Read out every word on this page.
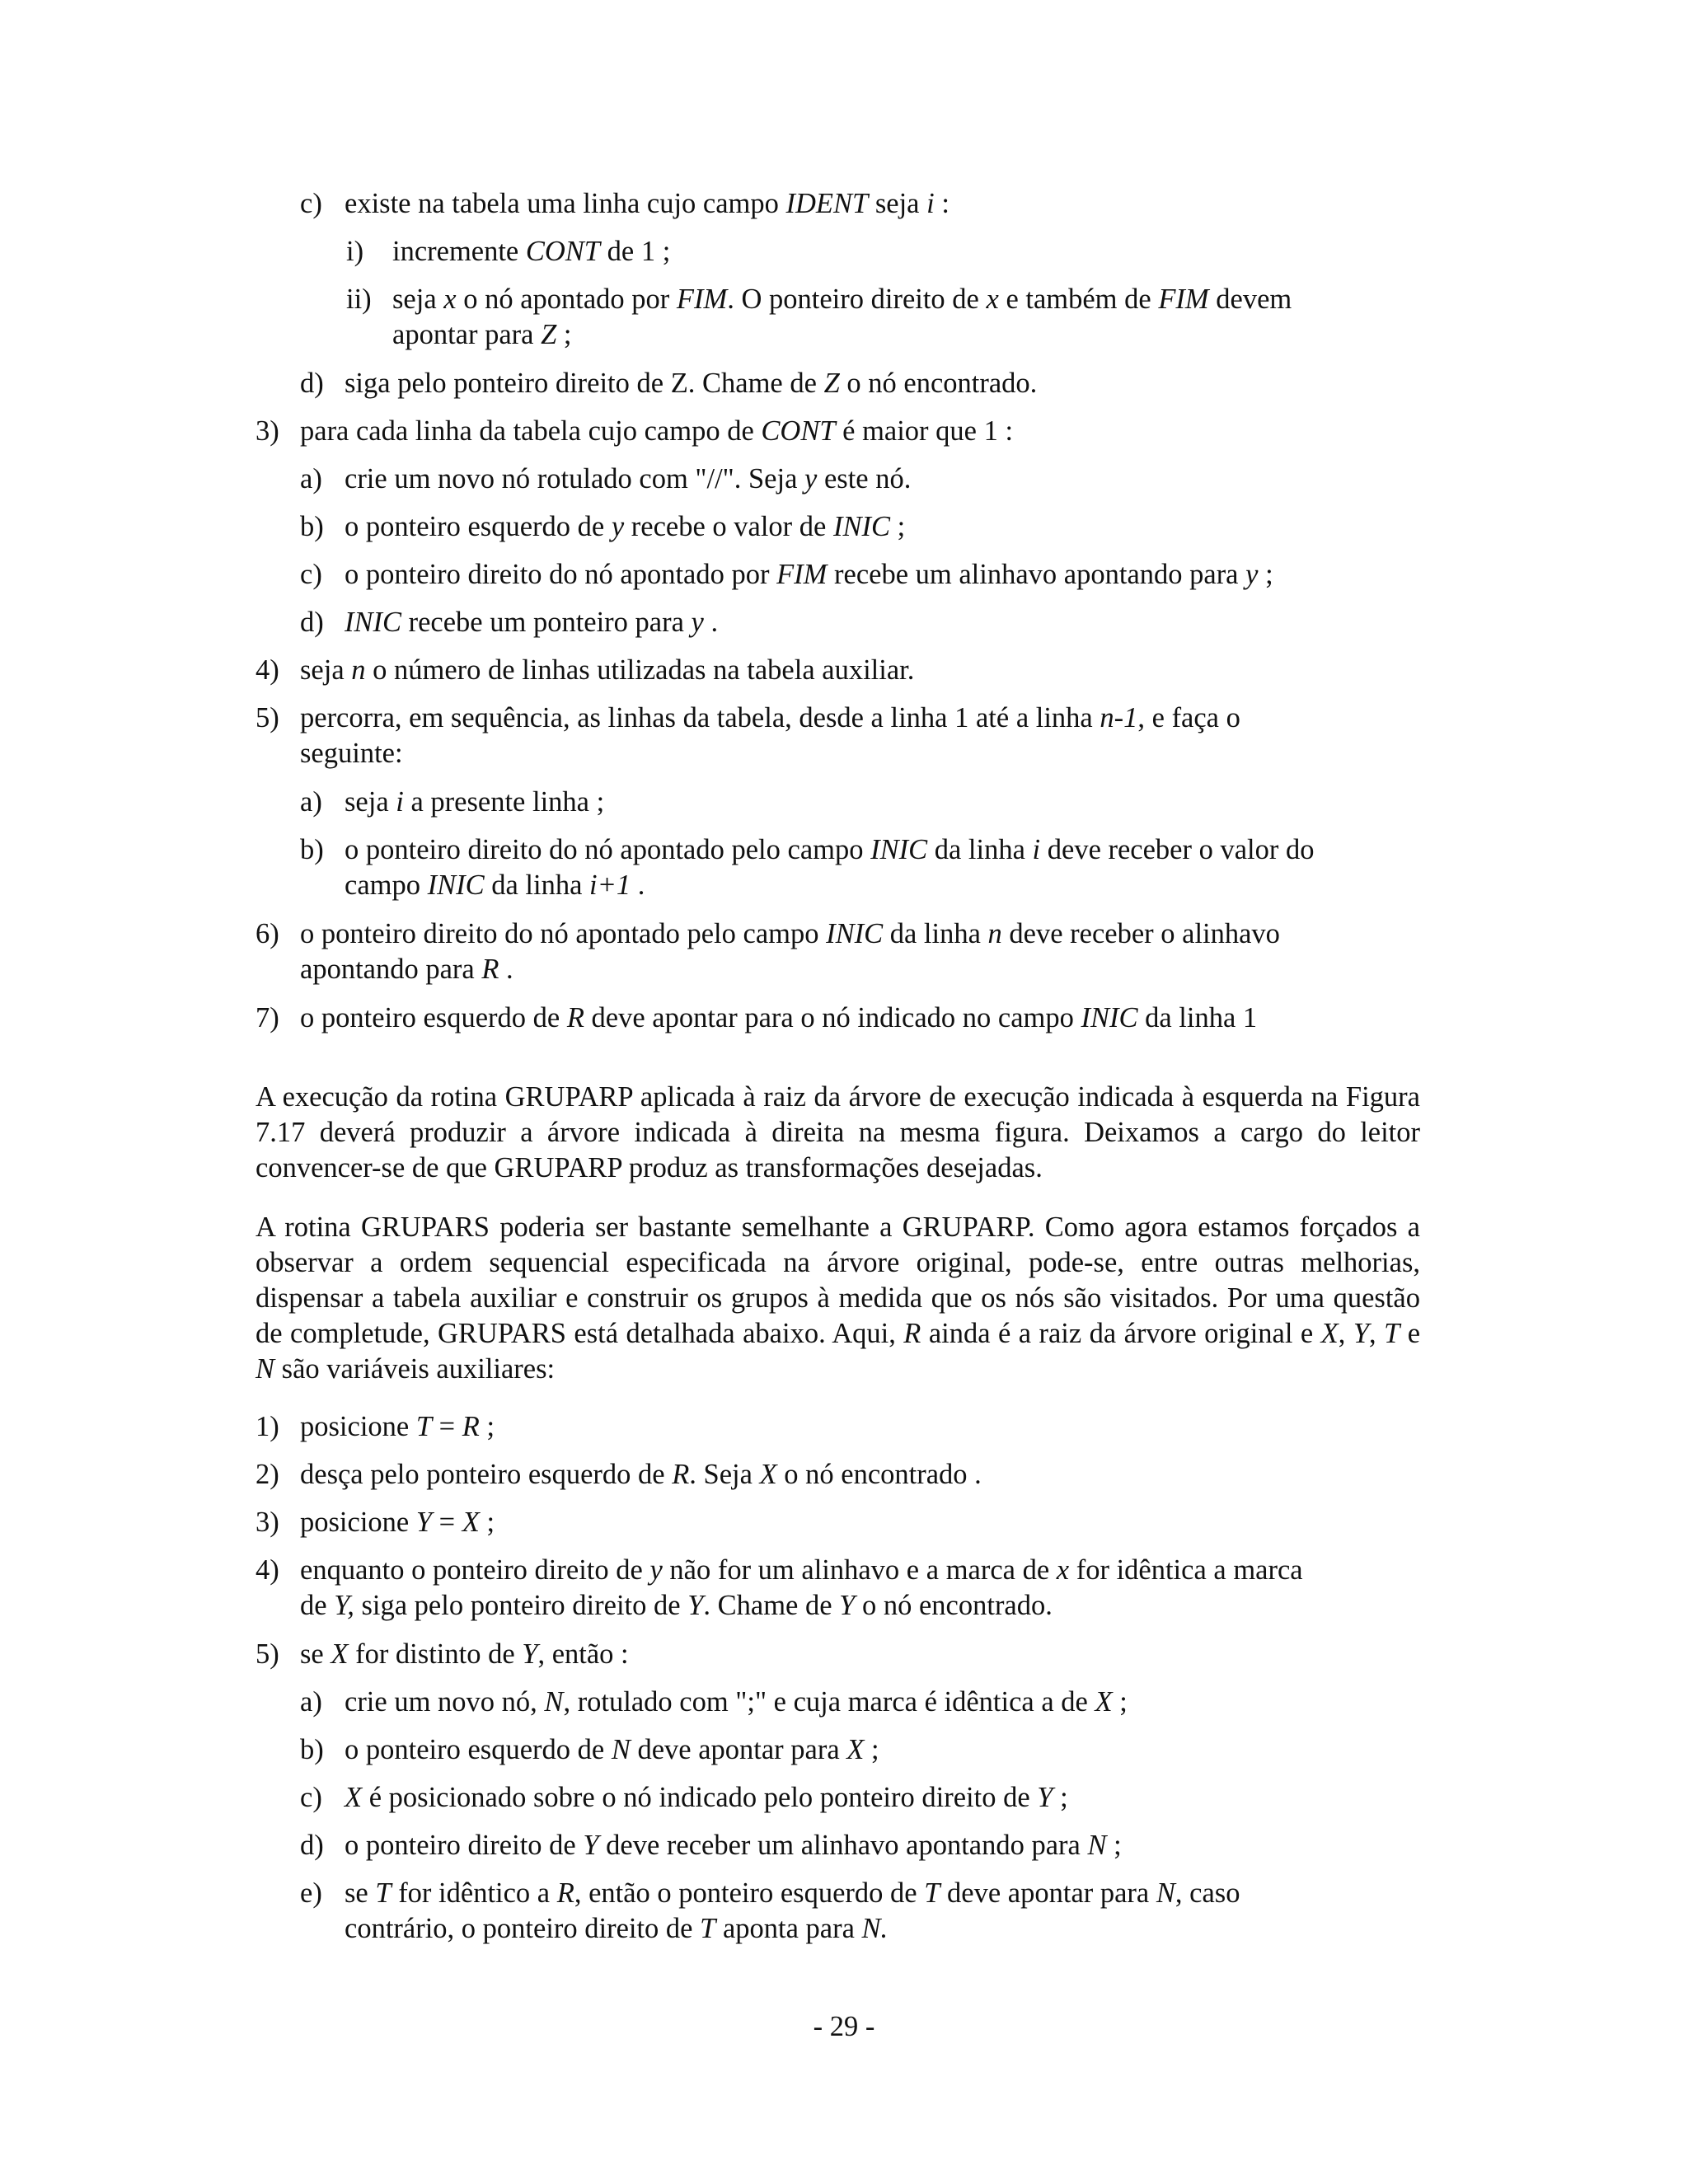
c) existe na tabela uma linha cujo campo IDENT seja i :
i) incremente CONT de 1 ;
ii) seja x o nó apontado por FIM. O ponteiro direito de x e também de FIM devem
apontar para Z ;
d) siga pelo ponteiro direito de Z. Chame de Z o nó encontrado.
3) para cada linha da tabela cujo campo de CONT é maior que 1 :
a) crie um novo nó rotulado com "//". Seja y este nó.
b) o ponteiro esquerdo de y recebe o valor de INIC ;
c) o ponteiro direito do nó apontado por FIM recebe um alinhavo apontando para y ;
d) INIC recebe um ponteiro para y .
4) seja n o número de linhas utilizadas na tabela auxiliar.
5) percorra, em sequência, as linhas da tabela, desde a linha 1 até a linha n-1, e faça o
seguinte:
a) seja i a presente linha ;
b) o ponteiro direito do nó apontado pelo campo INIC da linha i deve receber o valor do
campo INIC da linha i+1 .
6) o ponteiro direito do nó apontado pelo campo INIC da linha n deve receber o alinhavo
apontando para R .
7) o ponteiro esquerdo de R deve apontar para o nó indicado no campo INIC da linha 1

A execução da rotina GRUPARP aplicada à raiz da árvore de execução indicada à esquerda na Figura 7.17 deverá produzir a árvore indicada à direita na mesma figura. Deixamos a cargo do leitor convencer-se de que GRUPARP produz as transformações desejadas.

A rotina GRUPARS poderia ser bastante semelhante a GRUPARP. Como agora estamos forçados a observar a ordem sequencial especificada na árvore original, pode-se, entre outras melhorias, dispensar a tabela auxiliar e construir os grupos à medida que os nós são visitados. Por uma questão de completude, GRUPARS está detalhada abaixo. Aqui, R ainda é a raiz da árvore original e X, Y, T e N são variáveis auxiliares:

1) posicione T = R ;
2) desça pelo ponteiro esquerdo de R. Seja X o nó encontrado .
3) posicione Y = X ;
4) enquanto o ponteiro direito de y não for um alinhavo e a marca de x for idêntica a marca
de Y, siga pelo ponteiro direito de Y. Chame de Y o nó encontrado.
5) se X for distinto de Y, então :
a) crie um novo nó, N, rotulado com ";" e cuja marca é idêntica a de X ;
b) o ponteiro esquerdo de N deve apontar para X ;
c) X é posicionado sobre o nó indicado pelo ponteiro direito de Y ;
d) o ponteiro direito de Y deve receber um alinhavo apontando para N ;
e) se T for idêntico a R, então o ponteiro esquerdo de T deve apontar para N, caso
contrário, o ponteiro direito de T aponta para N.
- 29 -
